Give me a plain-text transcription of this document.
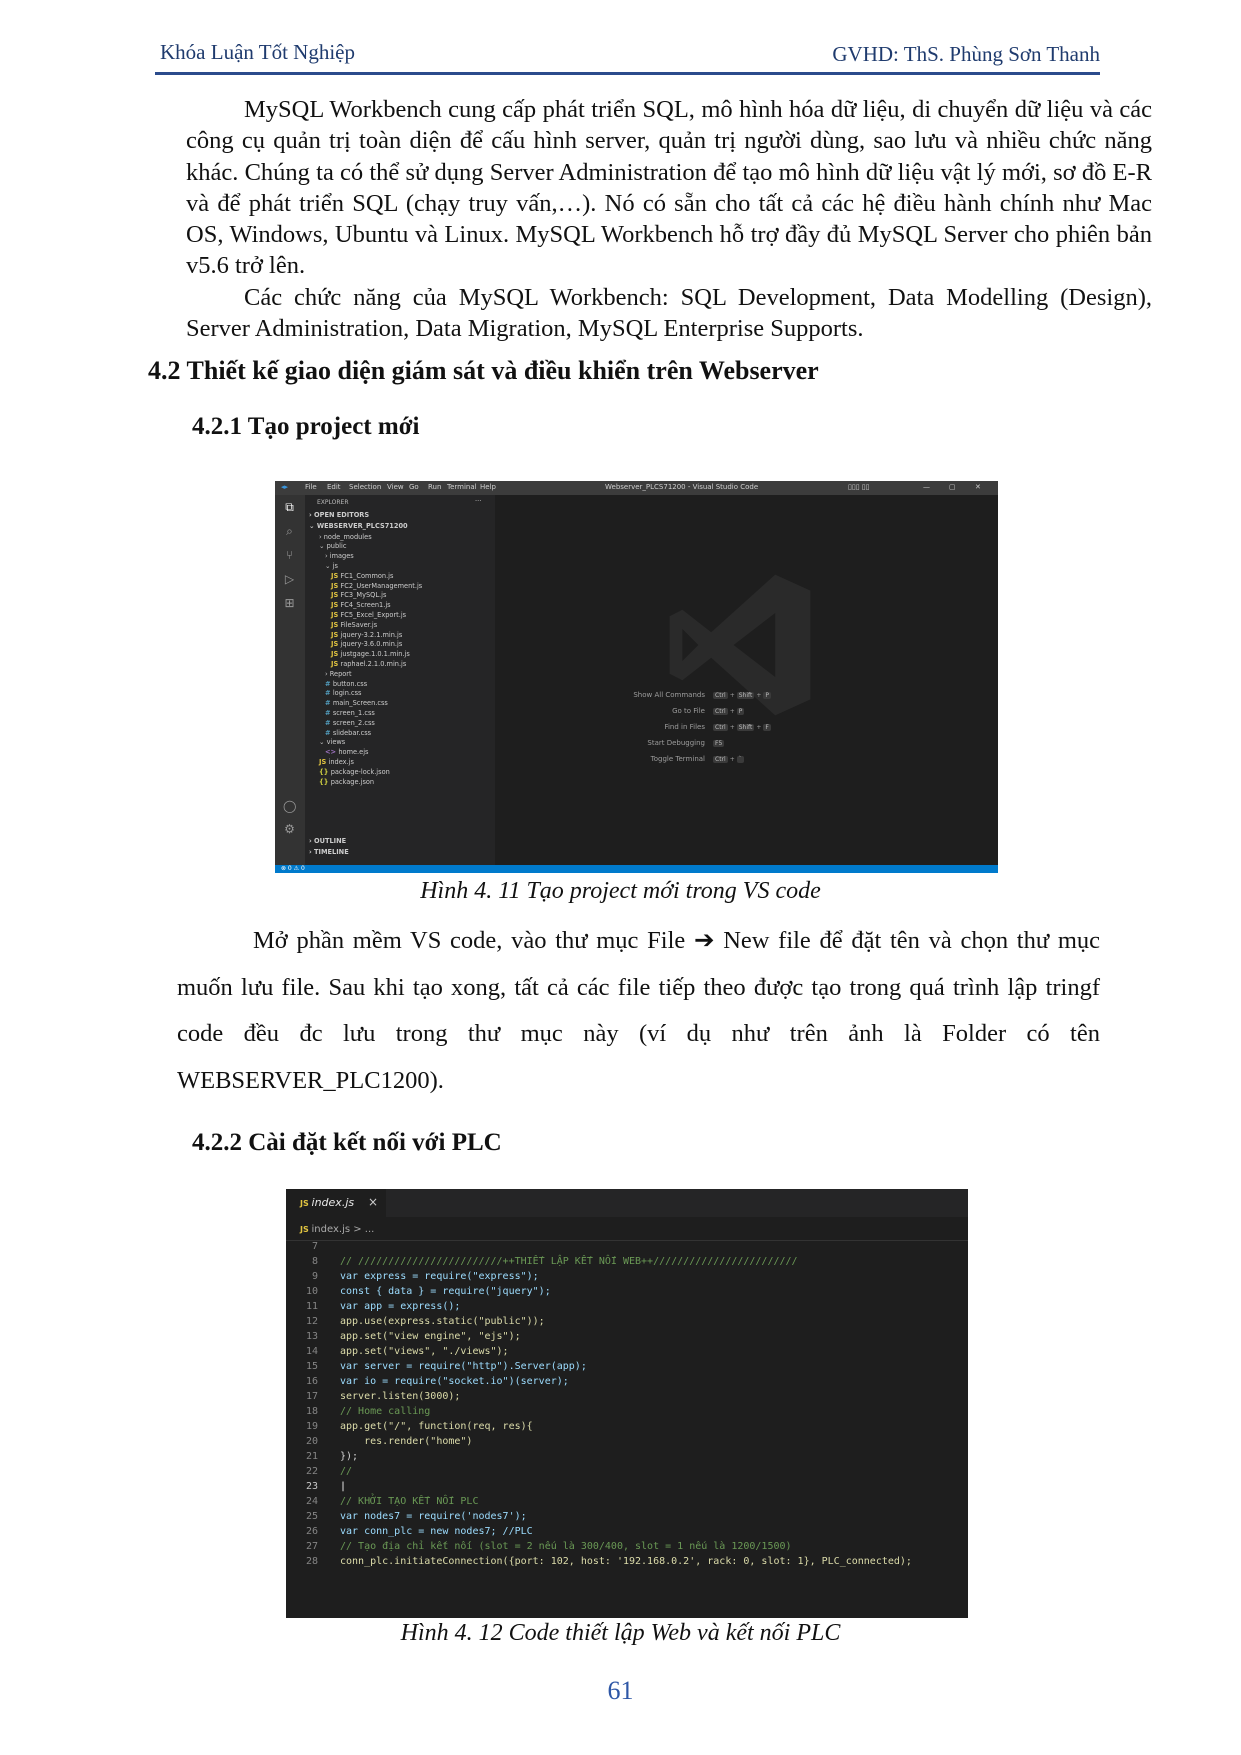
Khóa Luận Tốt Nghiệp	GVHD: ThS. Phùng Sơn Thanh

MySQL Workbench cung cấp phát triển SQL, mô hình hóa dữ liệu, di chuyển dữ liệu và các công cụ quản trị toàn diện để cấu hình server, quản trị người dùng, sao lưu và nhiều chức năng khác. Chúng ta có thể sử dụng Server Administration để tạo mô hình dữ liệu vật lý mới, sơ đồ E-R và để phát triển SQL (chạy truy vấn,…). Nó có sẵn cho tất cả các hệ điều hành chính như Mac OS, Windows, Ubuntu và Linux. MySQL Workbench hỗ trợ đầy đủ MySQL Server cho phiên bản v5.6 trở lên.

Các chức năng của MySQL Workbench: SQL Development, Data Modelling (Design), Server Administration, Data Migration, MySQL Enterprise Supports.

4.2 Thiết kế giao diện giám sát và điều khiển trên Webserver
4.2.1 Tạo project mới
◂▸ File Edit Selection View Go Run Terminal Help	Webserver_PLCS71200 - Visual Studio Code	▯▯▯ ▯▯	—	▢	✕
⧉
⌕
⑂
▷
⊞
◯
⚙
EXPLORER	···
› OPEN EDITORS
⌄ WEBSERVER_PLCS71200
› node_modules
⌄ public
› images
⌄ js
JS FC1_Common.js
JS FC2_UserManagement.js
JS FC3_MySQL.js
JS FC4_Screen1.js
JS FC5_Excel_Export.js
JS FileSaver.js
JS jquery-3.2.1.min.js
JS jquery-3.6.0.min.js
JS justgage.1.0.1.min.js
JS raphael.2.1.0.min.js
› Report
# button.css
# login.css
# main_Screen.css
# screen_1.css
# screen_2.css
# slidebar.css
⌄ views
<> home.ejs
JS index.js
{} package-lock.json
{} package.json
› OUTLINE
› TIMELINE
Show All Commands	Ctrl + Shift + P
Go to File	Ctrl + P
Find in Files	Ctrl + Shift + F
Start Debugging	F5
Toggle Terminal	Ctrl + `
⊗ 0 ⚠ 0

Hình 4. 11 Tạo project mới trong VS code

Mở phần mềm VS code, vào thư mục File ➔ New file để đặt tên và chọn thư mục muốn lưu file. Sau khi tạo xong, tất cả các file tiếp theo được tạo trong quá trình lập tringf code đều đc lưu trong thư mục này (ví dụ như trên ảnh là Folder có tên WEBSERVER_PLC1200).

4.2.2 Cài đặt kết nối với PLC
JS index.js ×
JS index.js > ...
7
8 // ////////////////////////++THIẾT LẬP KẾT NỐI WEB++////////////////////////
9 var express = require("express");
10 const { data } = require("jquery");
11 var app = express();
12 app.use(express.static("public"));
13 app.set("view engine", "ejs");
14 app.set("views", "./views");
15 var server = require("http").Server(app);
16 var io = require("socket.io")(server);
17 server.listen(3000);
18 // Home calling
19 app.get("/", function(req, res){
20 res.render("home")
21 });
22 //
23 |
24 // KHỞI TẠO KẾT NỐI PLC
25 var nodes7 = require('nodes7');
26 var conn_plc = new nodes7; //PLC
27 // Tạo địa chỉ kết nối (slot = 2 nếu là 300/400, slot = 1 nếu là 1200/1500)
28 conn_plc.initiateConnection({port: 102, host: '192.168.0.2', rack: 0, slot: 1}, PLC_connected);

Hình 4. 12 Code thiết lập Web và kết nối PLC

61
